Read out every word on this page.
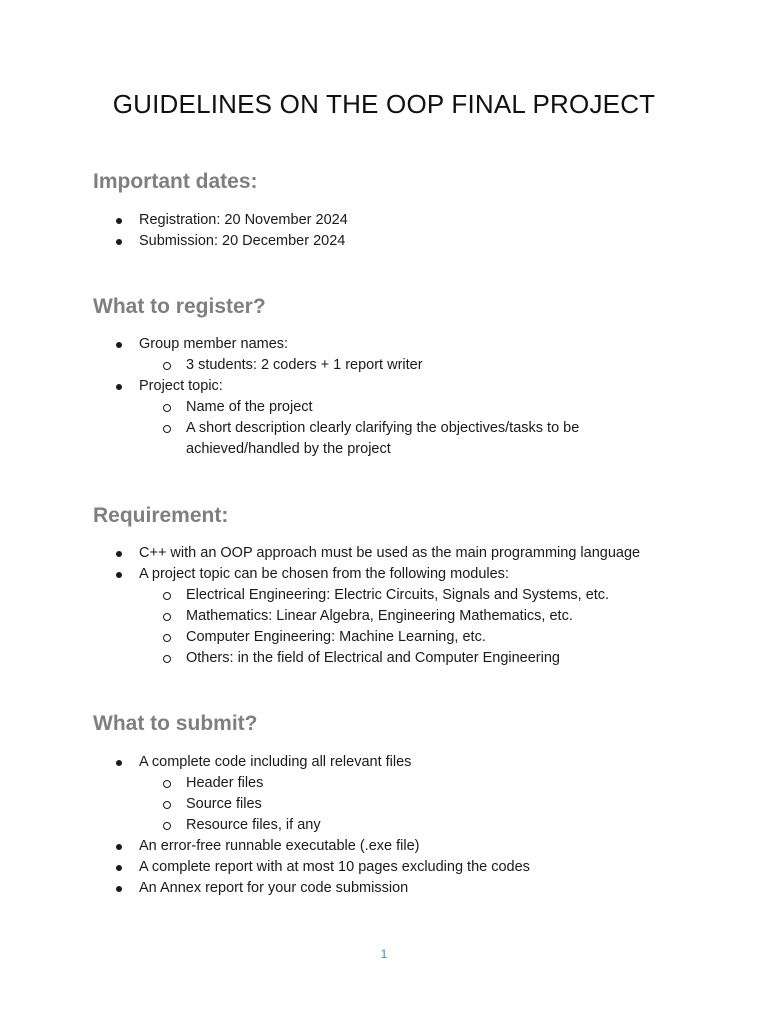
GUIDELINES ON THE OOP FINAL PROJECT
Important dates:
Registration: 20 November 2024
Submission: 20 December 2024
What to register?
Group member names:
3 students: 2 coders + 1 report writer
Project topic:
Name of the project
A short description clearly clarifying the objectives/tasks to be achieved/handled by the project
Requirement:
C++ with an OOP approach must be used as the main programming language
A project topic can be chosen from the following modules:
Electrical Engineering: Electric Circuits, Signals and Systems, etc.
Mathematics: Linear Algebra, Engineering Mathematics, etc.
Computer Engineering: Machine Learning, etc.
Others: in the field of Electrical and Computer Engineering
What to submit?
A complete code including all relevant files
Header files
Source files
Resource files, if any
An error-free runnable executable (.exe file)
A complete report with at most 10 pages excluding the codes
An Annex report for your code submission
1
